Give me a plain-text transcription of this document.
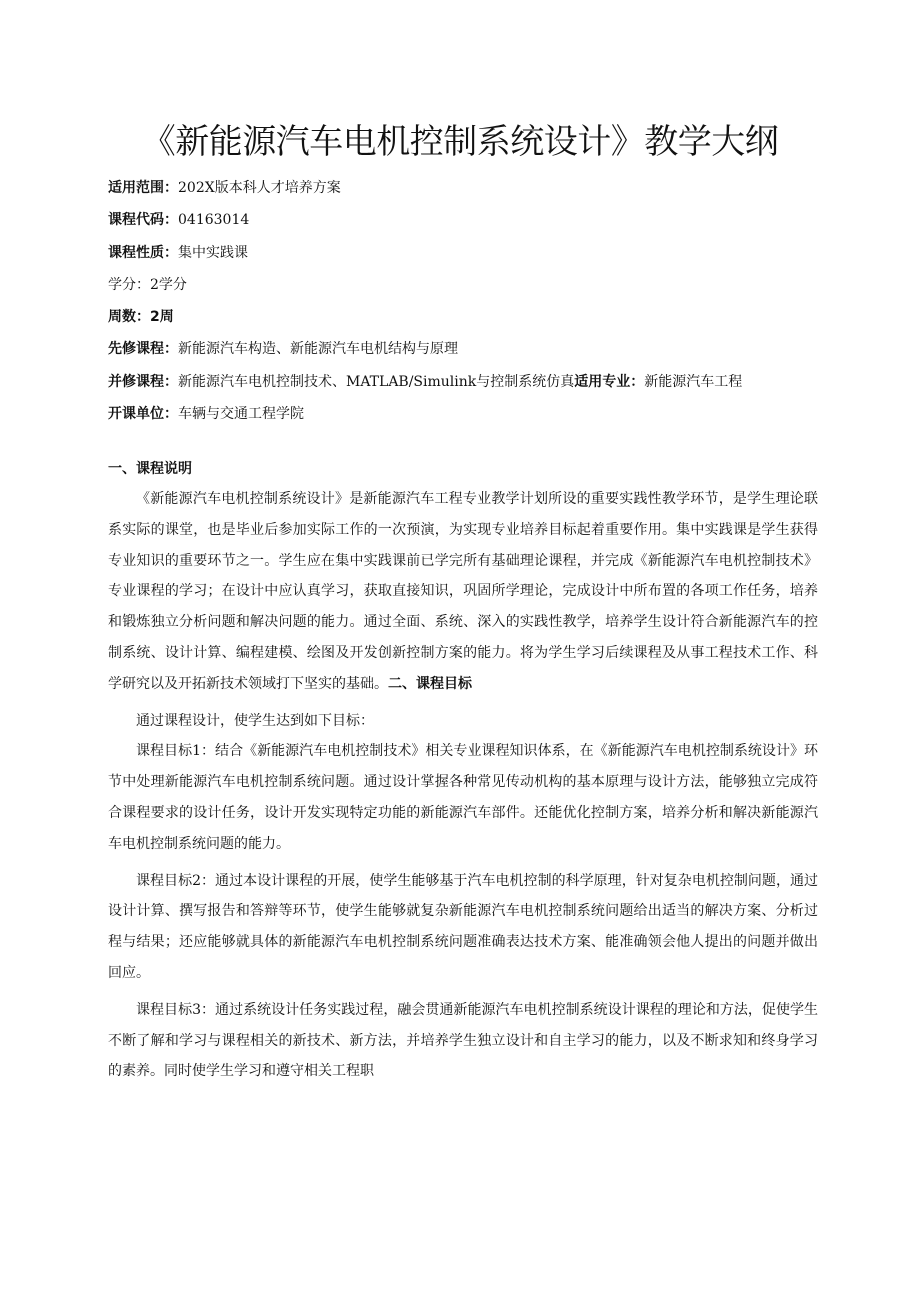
《新能源汽车电机控制系统设计》教学大纲
适用范围：202X版本科人才培养方案
课程代码：04163014
课程性质：集中实践课
学分：2学分
周数：2周
先修课程：新能源汽车构造、新能源汽车电机结构与原理
并修课程：新能源汽车电机控制技术、MATLAB/Simulink与控制系统仿真适用专业：新能源汽车工程
开课单位：车辆与交通工程学院
一、课程说明

《新能源汽车电机控制系统设计》是新能源汽车工程专业教学计划所设的重要实践性教学环节，是学生理论联系实际的课堂，也是毕业后参加实际工作的一次预演，为实现专业培养目标起着重要作用。集中实践课是学生获得专业知识的重要环节之一。学生应在集中实践课前已学完所有基础理论课程，并完成《新能源汽车电机控制技术》专业课程的学习；在设计中应认真学习，获取直接知识，巩固所学理论，完成设计中所布置的各项工作任务，培养和锻炼独立分析问题和解决问题的能力。通过全面、系统、深入的实践性教学，培养学生设计符合新能源汽车的控制系统、设计计算、编程建模、绘图及开发创新控制方案的能力。将为学生学习后续课程及从事工程技术工作、科学研究以及开拓新技术领域打下坚实的基础。二、课程目标

通过课程设计，使学生达到如下目标：

课程目标1：结合《新能源汽车电机控制技术》相关专业课程知识体系，在《新能源汽车电机控制系统设计》环节中处理新能源汽车电机控制系统问题。通过设计掌握各种常见传动机构的基本原理与设计方法，能够独立完成符合课程要求的设计任务，设计开发实现特定功能的新能源汽车部件。还能优化控制方案，培养分析和解决新能源汽车电机控制系统问题的能力。

课程目标2：通过本设计课程的开展，使学生能够基于汽车电机控制的科学原理，针对复杂电机控制问题，通过设计计算、撰写报告和答辩等环节，使学生能够就复杂新能源汽车电机控制系统问题给出适当的解决方案、分析过程与结果；还应能够就具体的新能源汽车电机控制系统问题准确表达技术方案、能准确领会他人提出的问题并做出回应。

课程目标3：通过系统设计任务实践过程，融会贯通新能源汽车电机控制系统设计课程的理论和方法，促使学生不断了解和学习与课程相关的新技术、新方法，并培养学生独立设计和自主学习的能力，以及不断求知和终身学习的素养。同时使学生学习和遵守相关工程职
